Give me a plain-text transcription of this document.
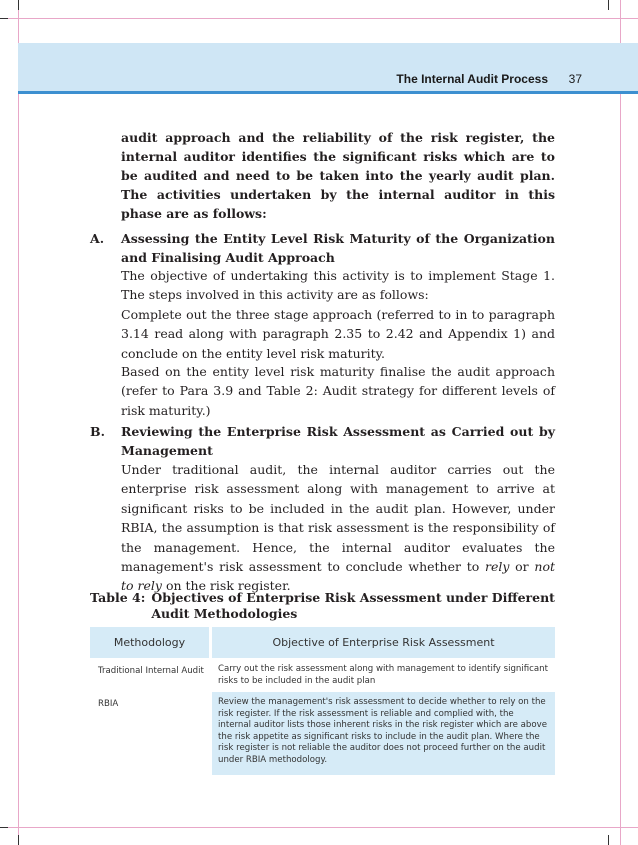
The Internal Audit Process 37
audit approach and the reliability of the risk register, the internal auditor identifies the significant risks which are to be audited and need to be taken into the yearly audit plan. The activities undertaken by the internal auditor in this phase are as follows:
A. Assessing the Entity Level Risk Maturity of the Organization and Finalising Audit Approach
The objective of undertaking this activity is to implement Stage 1. The steps involved in this activity are as follows:
Complete out the three stage approach (referred to in to paragraph 3.14 read along with paragraph 2.35 to 2.42 and Appendix 1) and conclude on the entity level risk maturity.
Based on the entity level risk maturity finalise the audit approach (refer to Para 3.9 and Table 2: Audit strategy for different levels of risk maturity.)
B. Reviewing the Enterprise Risk Assessment as Carried out by Management
Under traditional audit, the internal auditor carries out the enterprise risk assessment along with management to arrive at significant risks to be included in the audit plan. However, under RBIA, the assumption is that risk assessment is the responsibility of the management. Hence, the internal auditor evaluates the management's risk assessment to conclude whether to rely or not to rely on the risk register.
Table 4: Objectives of Enterprise Risk Assessment under Different Audit Methodologies
Methodology	Objective of Enterprise Risk Assessment
Traditional Internal Audit	Carry out the risk assessment along with management to identify significant risks to be included in the audit plan
RBIA	Review the management's risk assessment to decide whether to rely on the risk register. If the risk assessment is reliable and complied with, the internal auditor lists those inherent risks in the risk register which are above the risk appetite as significant risks to include in the audit plan. Where the risk register is not reliable the auditor does not proceed further on the audit under RBIA methodology.
